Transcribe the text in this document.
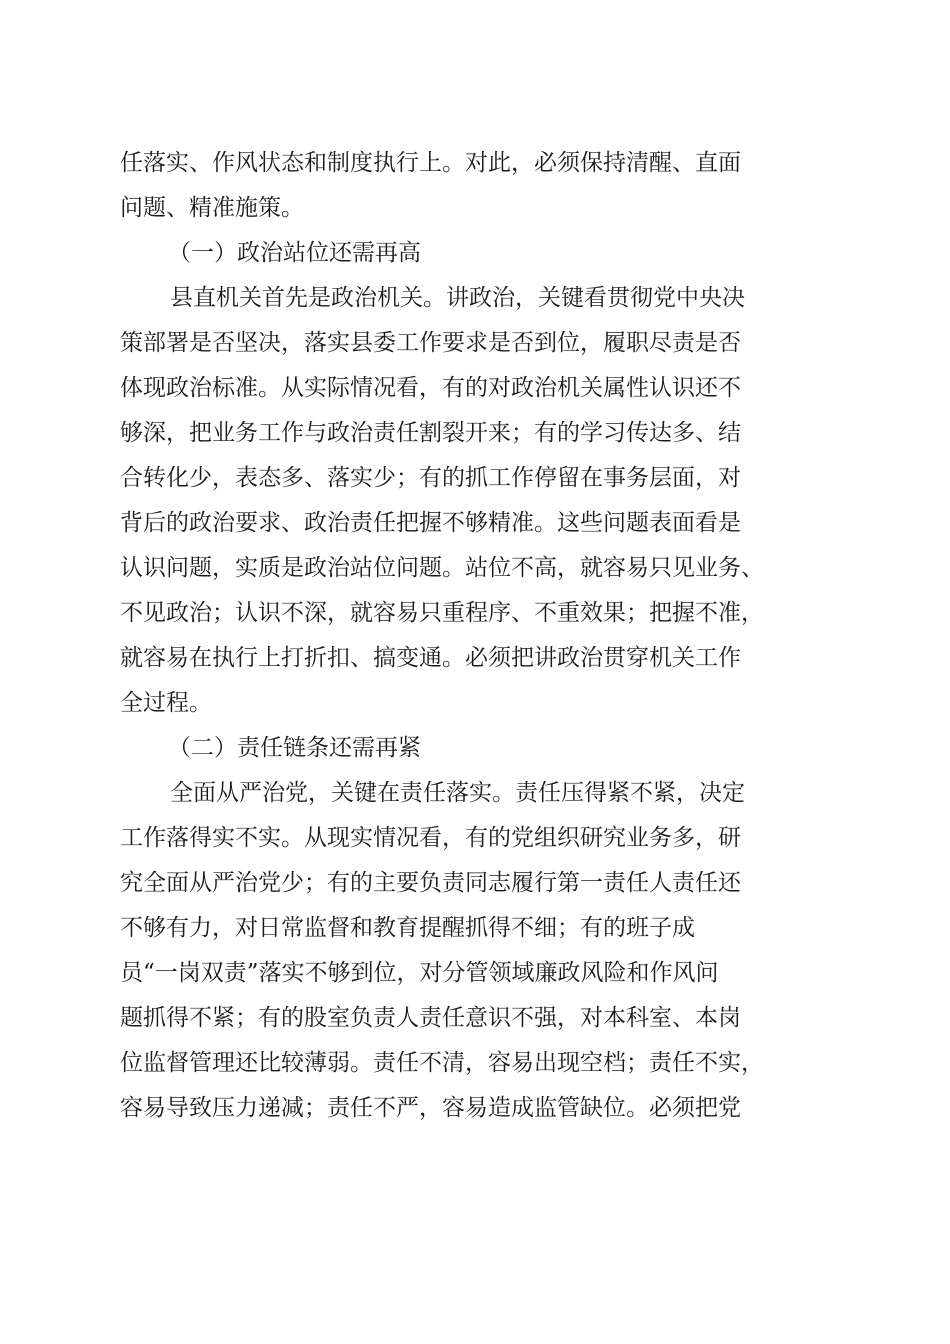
任落实、作风状态和制度执行上。对此，必须保持清醒、直面
问题、精准施策。
（一）政治站位还需再高
县直机关首先是政治机关。讲政治，关键看贯彻党中央决
策部署是否坚决，落实县委工作要求是否到位，履职尽责是否
体现政治标准。从实际情况看，有的对政治机关属性认识还不
够深，把业务工作与政治责任割裂开来；有的学习传达多、结
合转化少，表态多、落实少；有的抓工作停留在事务层面，对
背后的政治要求、政治责任把握不够精准。这些问题表面看是
认识问题，实质是政治站位问题。站位不高，就容易只见业务、
不见政治；认识不深，就容易只重程序、不重效果；把握不准，
就容易在执行上打折扣、搞变通。必须把讲政治贯穿机关工作
全过程。
（二）责任链条还需再紧
全面从严治党，关键在责任落实。责任压得紧不紧，决定
工作落得实不实。从现实情况看，有的党组织研究业务多，研
究全面从严治党少；有的主要负责同志履行第一责任人责任还
不够有力，对日常监督和教育提醒抓得不细；有的班子成
员“一岗双责”落实不够到位，对分管领域廉政风险和作风问
题抓得不紧；有的股室负责人责任意识不强，对本科室、本岗
位监督管理还比较薄弱。责任不清，容易出现空档；责任不实，
容易导致压力递减；责任不严，容易造成监管缺位。必须把党
